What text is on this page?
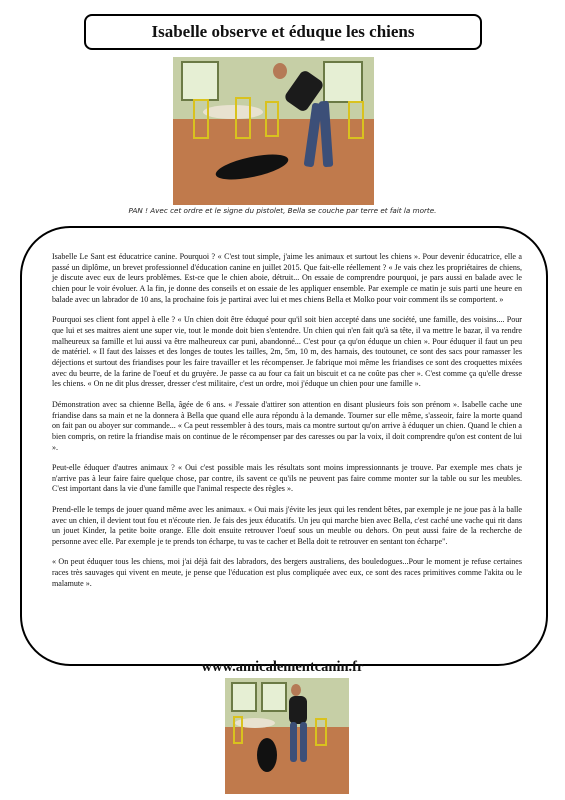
Isabelle observe et éduque les chiens
PAN ! Avec cet ordre et le signe du pistolet, Bella se couche par terre et fait la morte.

Isabelle Le Sant est éducatrice canine. Pourquoi ? « C'est tout simple, j'aime les animaux et surtout les chiens ». Pour devenir éducatrice, elle a passé un diplôme, un brevet professionnel d'éducation canine en juillet 2015. Que fait-elle réellement ? « Je vais chez les propriétaires de chiens, je discute avec eux de leurs problèmes. Est-ce que le chien aboie, détruit... On essaie de comprendre pourquoi, je pars aussi en balade avec le chien pour le voir évoluer. A la fin, je donne des conseils et on essaie de les appliquer ensemble. Par exemple ce matin je suis parti une heure en balade avec un labrador de 10 ans, la prochaine fois je partirai avec lui et mes chiens Bella et Molko pour voir comment ils se comportent. »

Pourquoi ses client font appel à elle ? « Un chien doit être éduqué pour qu'il soit bien accepté dans une société, une famille, des voisins.... Pour que lui et ses maitres aient une super vie, tout le monde doit bien s'entendre. Un chien qui n'en fait qu'à sa tête, il va mettre le bazar, il va rendre malheureux sa famille et lui aussi va être malheureux car puni, abandonné... C'est pour ça qu'on éduque un chien ». Pour éduquer il faut un peu de matériel. « Il faut des laisses et des longes de toutes les tailles, 2m, 5m, 10 m, des harnais, des toutounet, ce sont des sacs pour ramasser les déjections et surtout des friandises pour les faire travailler et les récompenser. Je fabrique moi même les friandises ce sont des croquettes mixées avec du beurre, de la farine de l'oeuf et du gruyère. Je passe ca au four ca fait un biscuit et ca ne coûte pas cher ». C'est comme ça qu'elle dresse les chiens. « On ne dit plus dresser, dresser c'est militaire, c'est un ordre, moi j'éduque un chien pour une famille ».

Démonstration avec sa chienne Bella, âgée de 6 ans. « J'essaie d'attirer son attention en disant plusieurs fois son prénom ». Isabelle cache une friandise dans sa main et ne la donnera à Bella que quand elle aura répondu à la demande. Tourner sur elle même, s'asseoir, faire la morte quand on fait pan ou aboyer sur commande... « Ca peut ressembler à des tours, mais ca montre surtout qu'on arrive à éduquer un chien. Quand le chien a bien compris, on retire la friandise mais on continue de le récompenser par des caresses ou par la voix, il doit comprendre qu'on est content de lui ».

Peut-elle éduquer d'autres animaux ? « Oui c'est possible mais les résultats sont moins impressionnants je trouve. Par exemple mes chats je n'arrive pas à leur faire faire quelque chose, par contre, ils savent ce qu'ils ne peuvent pas faire comme monter sur la table ou sur les meubles. C'est important dans la vie d'une famille que l'animal respecte des règles ».

Prend-elle le temps de jouer quand même avec les animaux. « Oui mais j'évite les jeux qui les rendent bêtes, par exemple je ne joue pas à la balle avec un chien, il devient tout fou et n'écoute rien. Je fais des jeux éducatifs. Un jeu qui marche bien avec Bella, c'est caché une vache qui rit dans un jouet Kinder, la petite boite orange. Elle doit ensuite retrouver l'oeuf sous un meuble ou dehors. On peut aussi faire de la recherche de personne avec elle. Par exemple je te prends ton écharpe, tu vas te cacher et Bella doit te retrouver en sentant ton écharpe".

« On peut éduquer tous les chiens, moi j'ai déjà fait des labradors, des bergers australiens, des bouledogues...Pour le moment je refuse certaines races très sauvages qui vivent en meute, je pense que l'éducation est plus compliquée avec eux, ce sont des races primitives comme l'akita ou le malamute ».

www.amicalementcanin.fr
